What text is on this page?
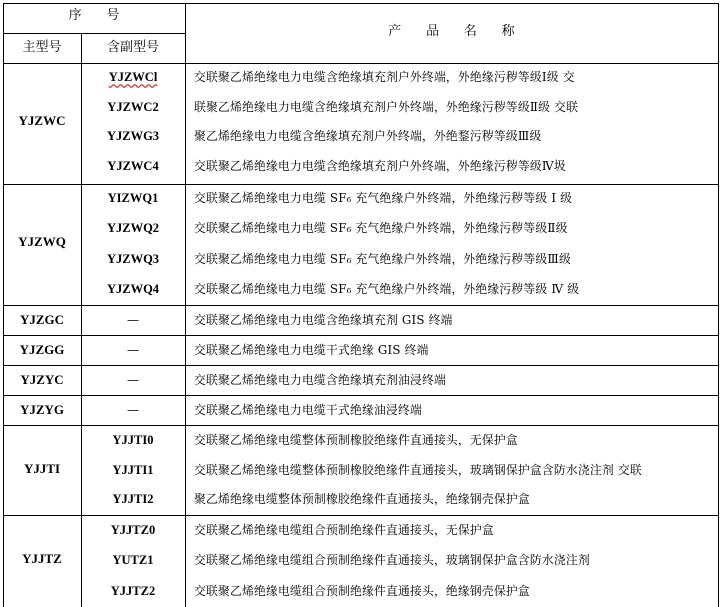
序      号
主型号	含副型号
产      品      名      称
YJZWC
YJZWCl	交联聚乙烯绝缘电力电缆含绝缘填充剂户外终端，外绝缘污秽等级Ⅰ级 交
YJZWC2	联聚乙烯绝缘电力电缆含绝缘填充剂户外终端，外绝缘污秽等级Ⅱ级 交联
YJZWG3	聚乙烯绝缘电力电缆含绝缘填充剂户外终端，外绝鍪污秽等级Ⅲ级
YJZWC4	交联聚乙烯绝缘电力电缆含绝缘填充剂户外终端，外绝缘污秽等级Ⅳ圾
YJZWQ
YIZWQ1	交联聚乙烯绝缘电力电缆 SF₆ 充气绝缘户外终端，外绝缘污秽等级 Ⅰ 级
YJZWQ2	交联聚乙烯绝缘电力电缆 SF₆ 充气绝缘户外终端，外绝缘污秽等级Ⅱ级
YJZWQ3	交联聚乙烯绝缘电力电缆 SF₆ 充气绝缘户外终端，外绝缘污秽等级Ⅲ级
YJZWQ4	交联聚乙烯绝缘电力电缆 SF₆ 充气绝缘户外终端，外绝缘污秽等级 Ⅳ 级
YJZGC	—	交联聚乙烯绝缘电力电缆含绝缘填充剂 GIS 终端
YJZGG	—	交联聚乙烯绝缘电力电缆干式绝缘 GIS 终端
YJZYC	—	交联聚乙烯绝缘电力电缆含绝缘填充剂油浸终端
YJZYG	—	交联聚乙烯绝缘电力电缆干式绝缘油浸终端
YJJTI
YJJTI0	交联聚乙烯绝缘电缆整体预制橡胶绝缘件直通接头，无保护盒
YJJTI1	交联聚乙烯绝缘电缆整体预制橡胶绝缘件直通接头，玻璃钢保护盒含防水浇注剂 交联
YJJTI2	聚乙烯绝缘电缆整体预制橡胶绝缘件直通接头，绝缘钢壳保护盒
YJJTZ
YJJTZ0	交联聚乙烯绝缘电缆组合预制绝缘件直通接头，无保护盒
YUTZ1	交联聚乙烯绝缘电缆组合预制绝缘件直通接头，玻璃钢保护盒含防水浇注剂
YJJTZ2	交联聚乙烯绝缘电缆组合预制绝缘件直通接头，绝缘钢壳保护盒
